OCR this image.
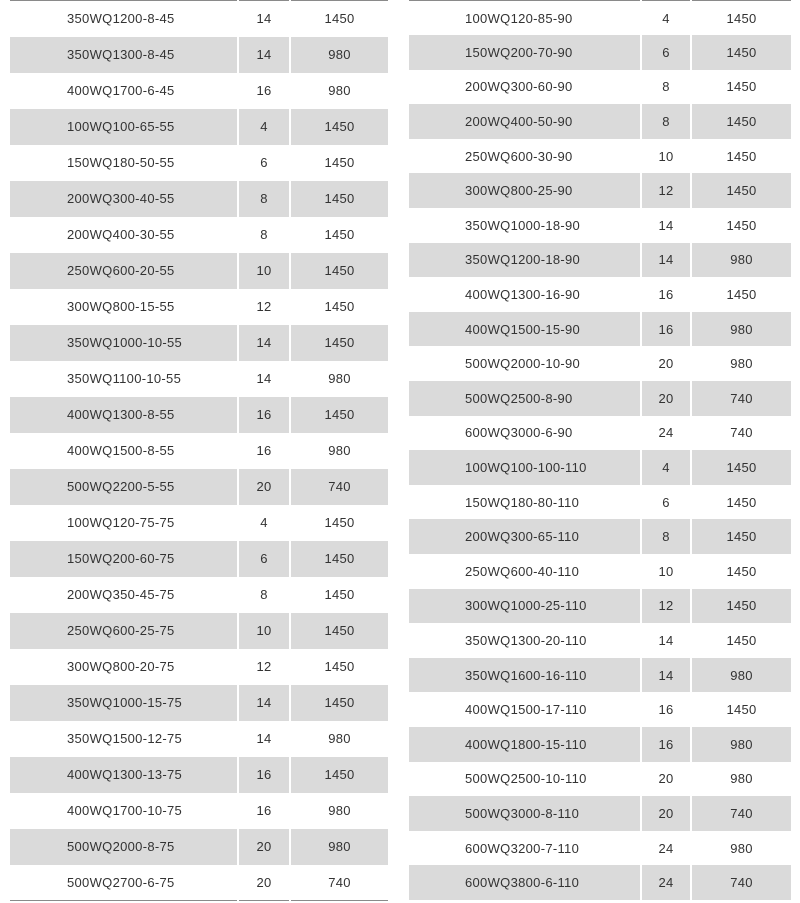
350WQ1200-8-45	14	1450
350WQ1300-8-45	14	980
400WQ1700-6-45	16	980
100WQ100-65-55	4	1450
150WQ180-50-55	6	1450
200WQ300-40-55	8	1450
200WQ400-30-55	8	1450
250WQ600-20-55	10	1450
300WQ800-15-55	12	1450
350WQ1000-10-55	14	1450
350WQ1100-10-55	14	980
400WQ1300-8-55	16	1450
400WQ1500-8-55	16	980
500WQ2200-5-55	20	740
100WQ120-75-75	4	1450
150WQ200-60-75	6	1450
200WQ350-45-75	8	1450
250WQ600-25-75	10	1450
300WQ800-20-75	12	1450
350WQ1000-15-75	14	1450
350WQ1500-12-75	14	980
400WQ1300-13-75	16	1450
400WQ1700-10-75	16	980
500WQ2000-8-75	20	980
500WQ2700-6-75	20	740
100WQ120-85-90	4	1450
150WQ200-70-90	6	1450
200WQ300-60-90	8	1450
200WQ400-50-90	8	1450
250WQ600-30-90	10	1450
300WQ800-25-90	12	1450
350WQ1000-18-90	14	1450
350WQ1200-18-90	14	980
400WQ1300-16-90	16	1450
400WQ1500-15-90	16	980
500WQ2000-10-90	20	980
500WQ2500-8-90	20	740
600WQ3000-6-90	24	740
100WQ100-100-110	4	1450
150WQ180-80-110	6	1450
200WQ300-65-110	8	1450
250WQ600-40-110	10	1450
300WQ1000-25-110	12	1450
350WQ1300-20-110	14	1450
350WQ1600-16-110	14	980
400WQ1500-17-110	16	1450
400WQ1800-15-110	16	980
500WQ2500-10-110	20	980
500WQ3000-8-110	20	740
600WQ3200-7-110	24	980
600WQ3800-6-110	24	740
